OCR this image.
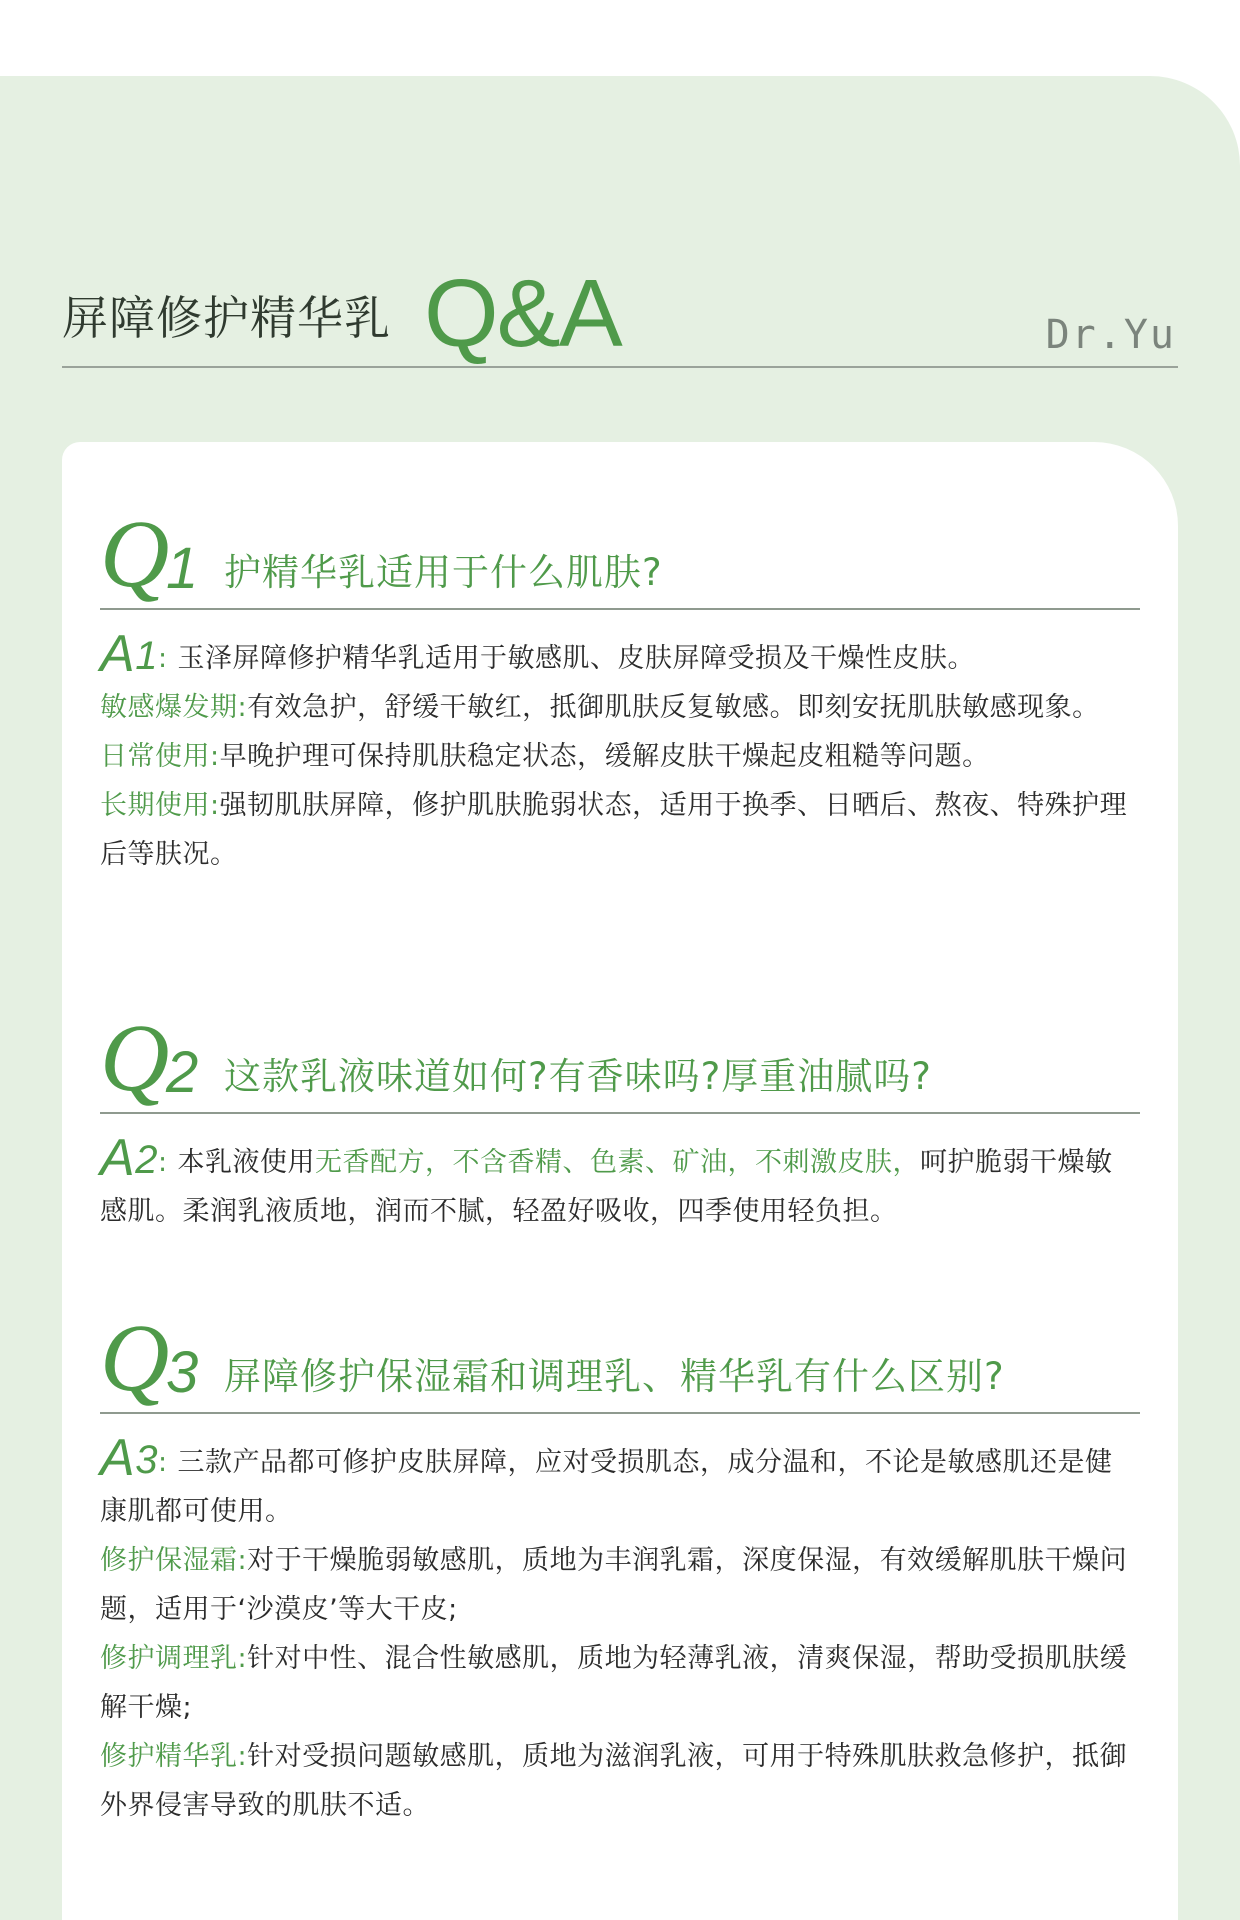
屏障修护精华乳 Q&A	Dr.Yu
Q
1 护精华乳适用于什么肌肤?

A1: 玉泽屏障修护精华乳适用于敏感肌、皮肤屏障受损及干燥性皮肤。

敏感爆发期:有效急护，舒缓干敏红，抵御肌肤反复敏感。即刻安抚肌肤敏感现象。

日常使用:早晚护理可保持肌肤稳定状态，缓解皮肤干燥起皮粗糙等问题。

长期使用:强韧肌肤屏障，修护肌肤脆弱状态，适用于换季、日晒后、熬夜、特殊护理后等肤况。

Q
2 这款乳液味道如何?有香味吗?厚重油腻吗?

A2: 本乳液使用无香配方，不含香精、色素、矿油，不刺激皮肤，呵护脆弱干燥敏感肌。柔润乳液质地，润而不腻，轻盈好吸收，四季使用轻负担。

Q
3 屏障修护保湿霜和调理乳、精华乳有什么区别?

A3: 三款产品都可修护皮肤屏障，应对受损肌态，成分温和，不论是敏感肌还是健康肌都可使用。

修护保湿霜:对于干燥脆弱敏感肌，质地为丰润乳霜，深度保湿，有效缓解肌肤干燥问题，适用于‘沙漠皮’等大干皮;

修护调理乳:针对中性、混合性敏感肌，质地为轻薄乳液，清爽保湿，帮助受损肌肤缓解干燥;

修护精华乳:针对受损问题敏感肌，质地为滋润乳液，可用于特殊肌肤救急修护，抵御外界侵害导致的肌肤不适。
